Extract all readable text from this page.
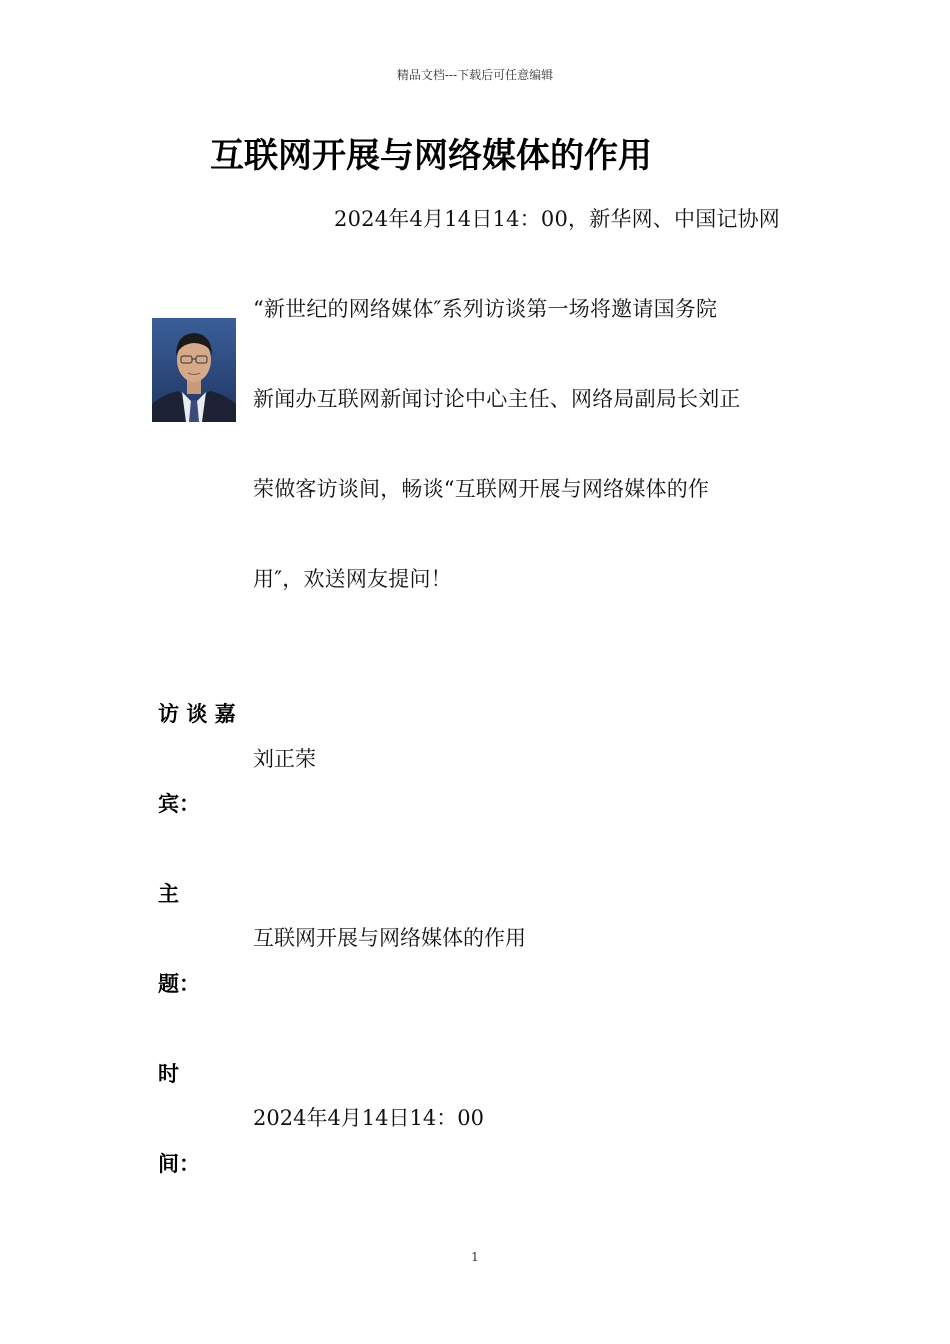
精品文档---下载后可任意编辑
互联网开展与网络媒体的作用
2024年4月14日14：00，新华网、中国记协网
“新世纪的网络媒体″系列访谈第一场将邀请国务院
新闻办互联网新闻讨论中心主任、网络局副局长刘正
荣做客访谈间，畅谈“互联网开展与网络媒体的作
用″，欢送网友提问！
访 谈 嘉
刘正荣
宾：
主
互联网开展与网络媒体的作用
题：
时
2024年4月14日14：00
间：
1
